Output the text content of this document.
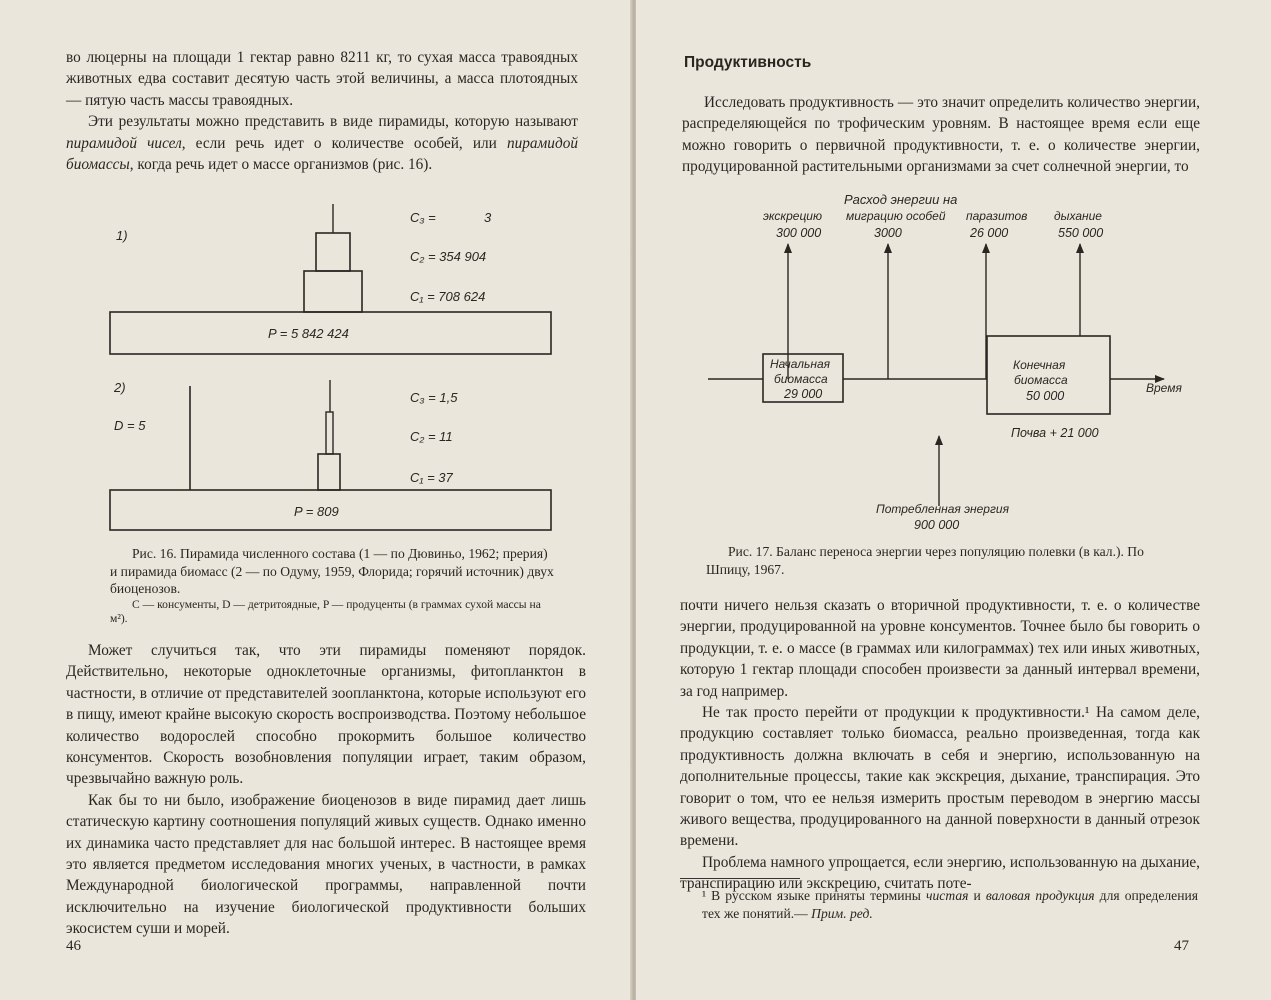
во люцерны на площади 1 гектар равно 8211 кг, то сухая масса травоядных животных едва составит десятую часть этой величины, а масса плотоядных — пятую часть массы травоядных.

Эти результаты можно представить в виде пирамиды, которую называют пирамидой чисел, если речь идет о количестве особей, или пирамидой биомассы, когда речь идет о массе организмов (рис. 16).

1)
C₃ =	3
C₂ = 354 904
C₁ = 708 624
P = 5 842 424
2)
D = 5
C₃ = 1,5
C₂ = 11
C₁ = 37
P = 809

Рис. 16. Пирамида численного состава (1 — по Дювиньо, 1962; прерия) и пирамида биомасс (2 — по Одуму, 1959, Флорида; горячий источник) двух биоценозов.

C — консументы, D — детритоядные, P — продуценты (в граммах сухой массы на м²).

Может случиться так, что эти пирамиды поменяют порядок. Действительно, некоторые одноклеточные организмы, фитопланктон в частности, в отличие от представителей зоопланктона, которые используют его в пищу, имеют крайне высокую скорость воспроизводства. Поэтому небольшое количество водорослей способно прокормить большое количество консументов. Скорость возобновления популяции играет, таким образом, чрезвычайно важную роль.

Как бы то ни было, изображение биоценозов в виде пирамид дает лишь статическую картину соотношения популяций живых существ. Однако именно их динамика часто представляет для нас большой интерес. В настоящее время это является предметом исследования многих ученых, в частности, в рамках Международной биологической программы, направленной почти исключительно на изучение биологической продуктивности больших экосистем суши и морей.

46
Продуктивность

Исследовать продуктивность — это значит определить количество энергии, распределяющейся по трофическим уровням. В настоящее время если еще можно говорить о первичной продуктивности, т. е. о количестве энергии, продуцированной растительными организмами за счет солнечной энергии, то

Расход энергии на
экскрецию
300 000
миграцию особей
3000
паразитов
26 000
дыхание
550 000
Начальная
биомасса
29 000
Конечная
биомасса
50 000
Время
Почва + 21 000
Потребленная энергия
900 000

Рис. 17. Баланс переноса энергии через популяцию полевки (в кал.). По Шпицу, 1967.

почти ничего нельзя сказать о вторичной продуктивности, т. е. о количестве энергии, продуцированной на уровне консументов. Точнее было бы говорить о продукции, т. е. о массе (в граммах или килограммах) тех или иных животных, которую 1 гектар площади способен произвести за данный интервал времени, за год например.

Не так просто перейти от продукции к продуктивности.¹ На самом деле, продукцию составляет только биомасса, реально произведенная, тогда как продуктивность должна включать в себя и энергию, использованную на дополнительные процессы, такие как экскреция, дыхание, транспирация. Это говорит о том, что ее нельзя измерить простым переводом в энергию массы живого вещества, продуцированного на данной поверхности в данный отрезок времени.

Проблема намного упрощается, если энергию, использованную на дыхание, транспирацию или экскрецию, считать поте-

¹ В русском языке приняты термины чистая и валовая продукция для определения тех же понятий.— Прим. ред.
47
